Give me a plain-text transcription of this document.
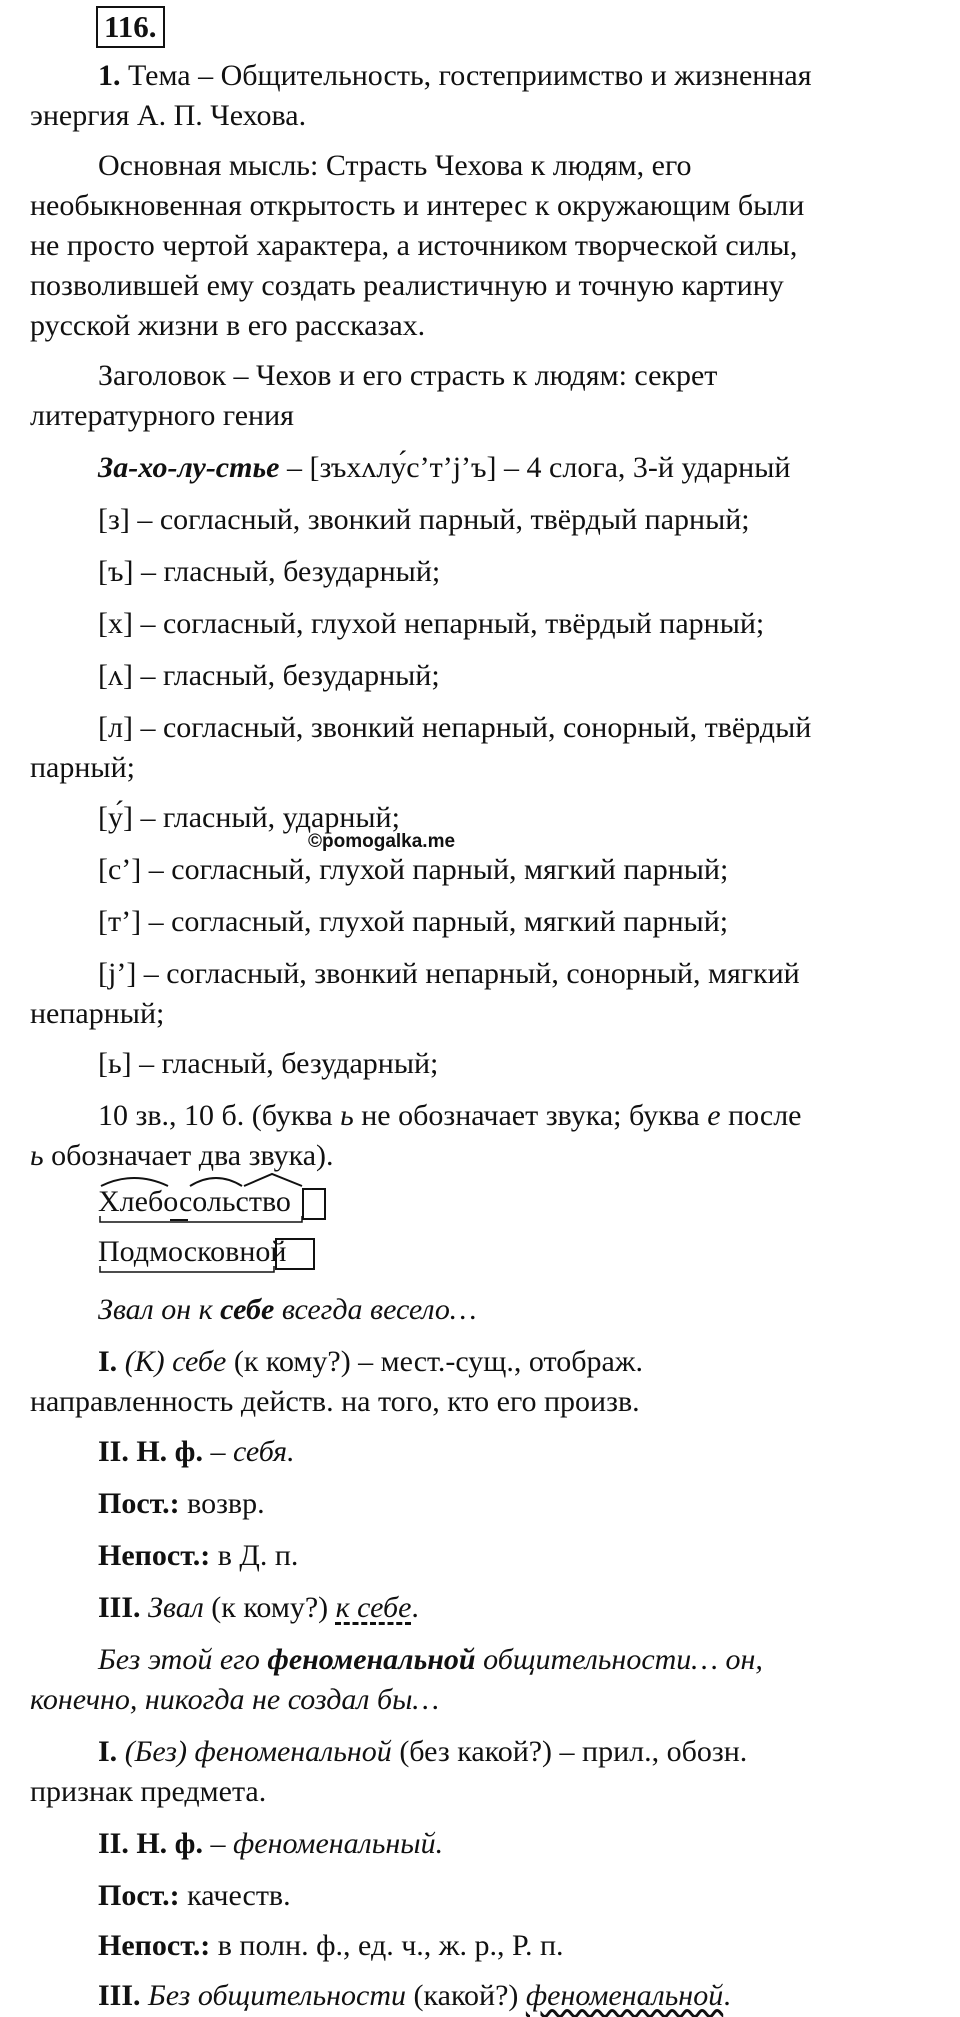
116.
1. Тема – Общительность, гостеприимство и жизненная
энергия А. П. Чехова.
Основная мысль: Страсть Чехова к людям, его
необыкновенная открытость и интерес к окружающим были
не просто чертой характера, а источником творческой силы,
позволившей ему создать реалистичную и точную картину
русской жизни в его рассказах.
Заголовок – Чехов и его страсть к людям: секрет
литературного гения
За-хо-лу-стье – [зъхʌлу́с’т’j’ъ] – 4 слога, 3-й ударный
[з] – согласный, звонкий парный, твёрдый парный;
[ъ] – гласный, безударный;
[х] – согласный, глухой непарный, твёрдый парный;
[ʌ] – гласный, безударный;
[л] – согласный, звонкий непарный, сонорный, твёрдый
парный;
[у́] – гласный, ударный;
©pomogalka.me
[с’] – согласный, глухой парный, мягкий парный;
[т’] – согласный, глухой парный, мягкий парный;
[j’] – согласный, звонкий непарный, сонорный, мягкий
непарный;
[ь] – гласный, безударный;
10 зв., 10 б. (буква ь не обозначает звука; буква е после
ь обозначает два звука).
Хлебосольство
Подмосковной
Звал он к себе всегда весело…
I. (К) себе (к кому?) – мест.-сущ., отображ.
направленность действ. на того, кто его произв.
II. Н. ф. – себя.
Пост.: возвр.
Непост.: в Д. п.
III. Звал (к кому?) к себе.
Без этой его феноменальной общительности… он,
конечно, никогда не создал бы…
I. (Без) феноменальной (без какой?) – прил., обозн.
признак предмета.
II. Н. ф. – феноменальный.
Пост.: качеств.
Непост.: в полн. ф., ед. ч., ж. р., Р. п.
III. Без общительности (какой?) феноменальной.
